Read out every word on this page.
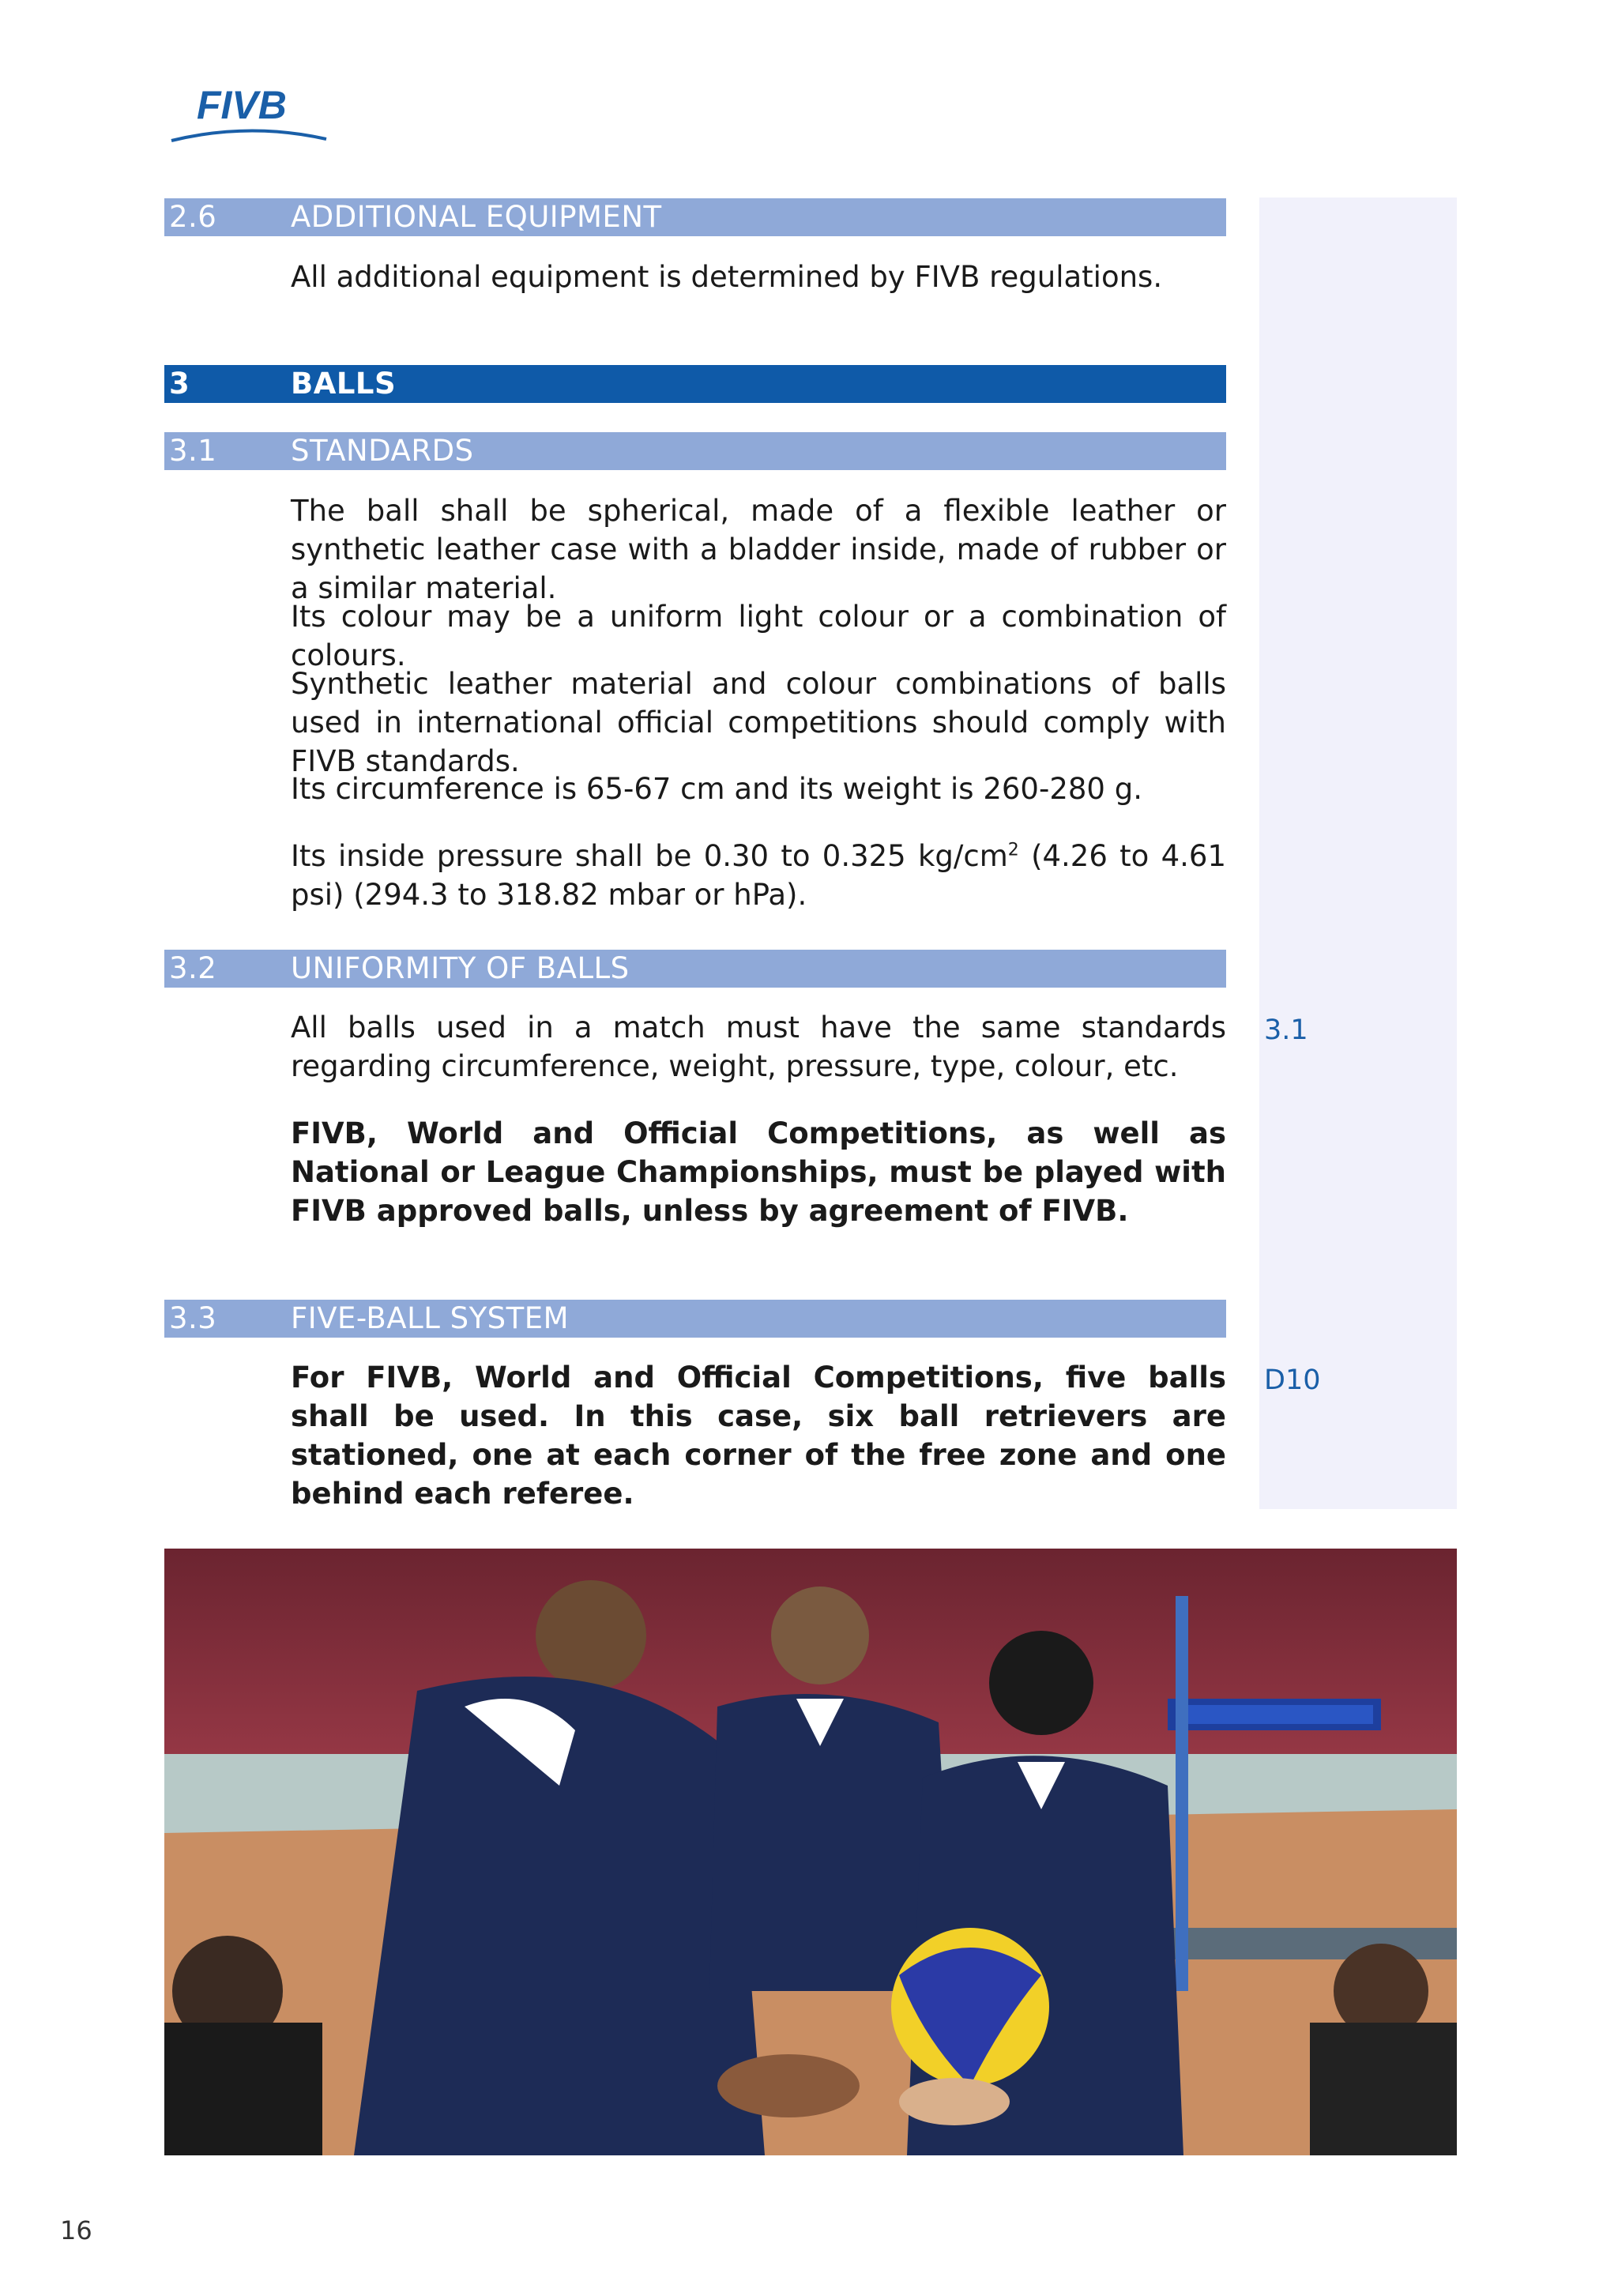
FIVB
2.6	ADDITIONAL EQUIPMENT

All additional equipment is determined by FIVB regulations.

3	BALLS
3.1	STANDARDS

The ball shall be spherical, made of a flexible leather or synthetic leather case with a bladder inside, made of rubber or a similar material.

Its colour may be a uniform light colour or a combination of colours.

Synthetic leather material and colour combinations of balls used in international official competitions should comply with FIVB standards.

Its circumference is 65-67 cm and its weight is 260-280 g.

Its inside pressure shall be 0.30 to 0.325 $kg/cm^2$ (4.26 to 4.61 psi) (294.3 to 318.82 mbar or hPa).

3.2	UNIFORMITY OF BALLS

All balls used in a match must have the same standards regarding circumference, weight, pressure, type, colour, etc.

3.1

FIVB, World and Official Competitions, as well as National or League Championships, must be played with FIVB approved balls, unless by agreement of FIVB.

3.3	FIVE-BALL SYSTEM

For FIVB, World and Official Competitions, five balls shall be used. In this case, six ball retrievers are stationed, one at each corner of the free zone and one behind each referee.

D10
16
